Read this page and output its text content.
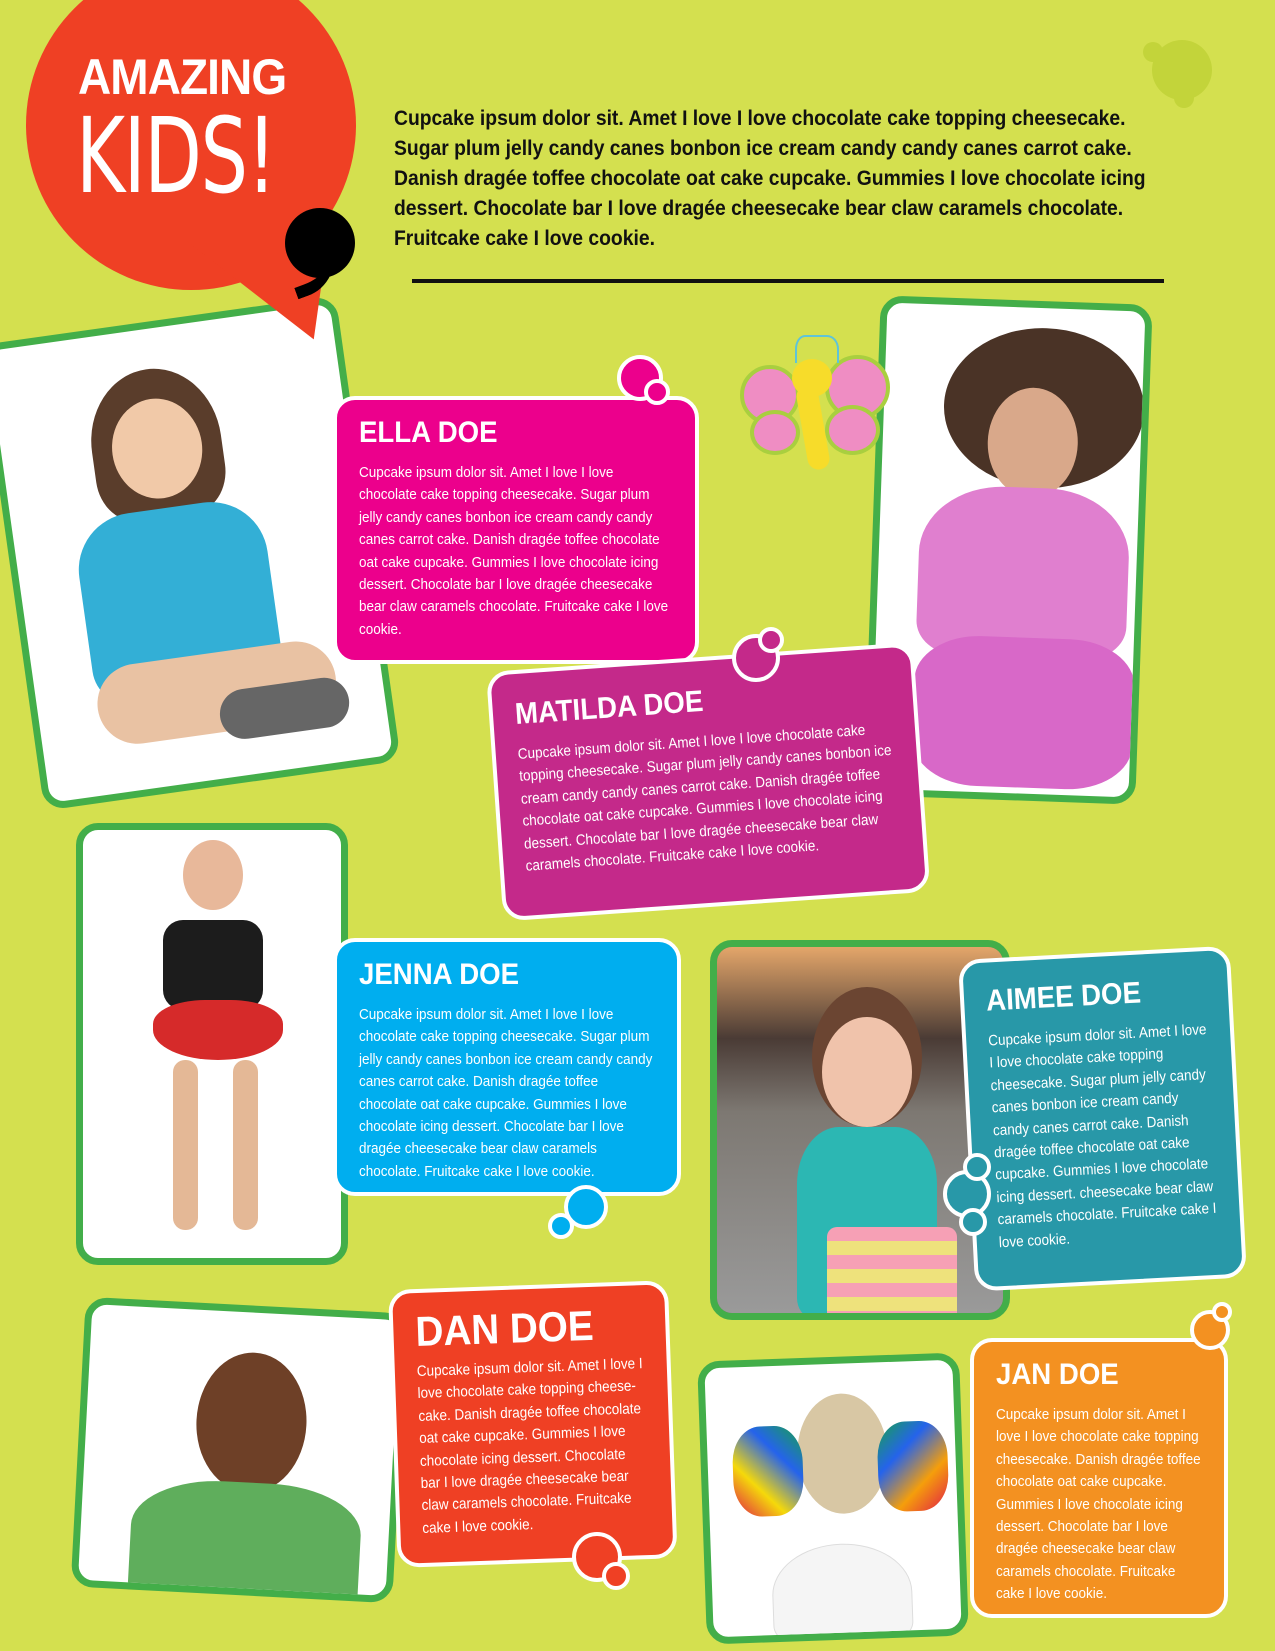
AMAZING
KIDS!	Cupcake ipsum dolor sit. Amet I love I love chocolate cake topping cheesecake. Sugar plum jelly candy canes bonbon ice cream candy candy canes carrot cake. Danish dragée toffee chocolate oat cake cupcake. Gummies I love chocolate icing dessert. Chocolate bar I love dragée cheesecake bear claw caramels chocolate. Fruitcake cake I love cookie.
ELLA DOE
Cupcake ipsum dolor sit. Amet I love I love chocolate cake topping cheesecake. Sugar plum jelly candy canes bonbon ice cream candy candy canes carrot cake. Danish dragée toffee chocolate oat cake cupcake. Gummies I love chocolate icing dessert. Chocolate bar I love dragée cheesecake bear claw caramels chocolate. Fruitcake cake I love cookie.
MATILDA DOE
Cupcake ipsum dolor sit. Amet I love I love chocolate cake topping cheesecake. Sugar plum jelly candy canes bonbon ice cream candy candy canes carrot cake. Danish dragée toffee chocolate oat cake cupcake. Gummies I love chocolate icing dessert. Chocolate bar I love dragée cheesecake bear claw caramels chocolate. Fruitcake cake I love cookie.
JENNA DOE
Cupcake ipsum dolor sit. Amet I love I love chocolate cake topping cheesecake. Sugar plum jelly candy canes bonbon ice cream candy candy canes carrot cake. Danish dragée toffee chocolate oat cake cupcake. Gummies I love chocolate icing dessert. Chocolate bar I love dragée cheesecake bear claw caramels chocolate. Fruitcake cake I love cookie.
AIMEE DOE
Cupcake ipsum dolor sit. Amet I love I love chocolate cake topping cheesecake. Sugar plum jelly candy canes bonbon ice cream candy candy canes carrot cake. Danish dragée toffee chocolate oat cake cupcake. Gummies I love chocolate icing dessert. cheesecake bear claw caramels chocolate. Fruitcake cake I love cookie.
DAN DOE
Cupcake ipsum dolor sit. Amet I love I love chocolate cake topping cheese-cake. Danish dragée toffee chocolate oat cake cupcake. Gummies I love chocolate icing dessert. Chocolate bar I love dragée cheesecake bear claw caramels chocolate. Fruitcake cake I love cookie.
JAN DOE
Cupcake ipsum dolor sit. Amet I love I love chocolate cake topping cheesecake. Danish dragée toffee chocolate oat cake cupcake. Gummies I love chocolate icing dessert. Chocolate bar I love dragée cheesecake bear claw caramels chocolate. Fruitcake cake I love cookie.
